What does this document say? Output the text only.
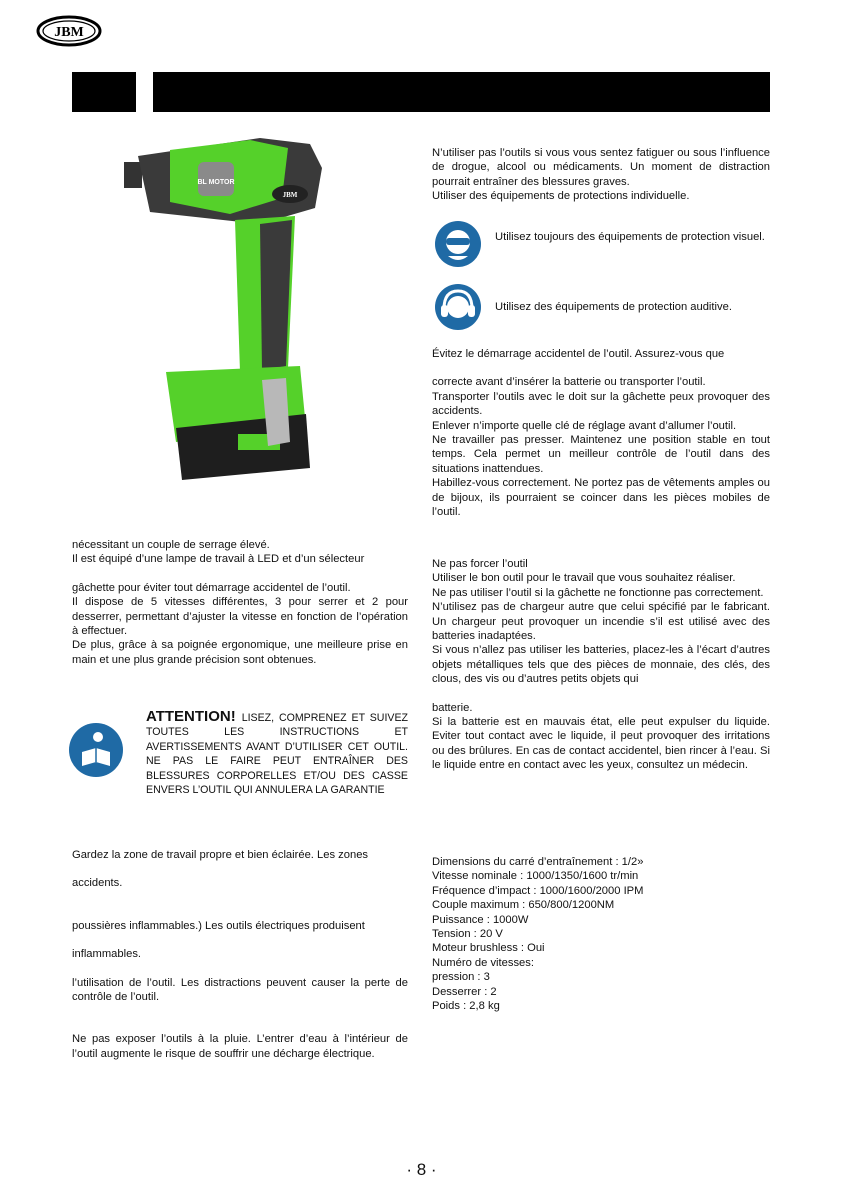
JBM
BL MOTOR
JBM

N’utiliser pas l’outils si vous vous sentez fatiguer ou sous l’influence de drogue, alcool ou médicaments. Un moment de distraction pourrait entraîner des blessures graves.

Utiliser des équipements de protections individuelle.

Utilisez toujours des équipements de protection visuel.
Utilisez des équipements de protection auditive.

Évitez le démarrage accidentel de l’outil. Assurez-vous que

correcte avant d’insérer la batterie ou transporter l’outil.

Transporter l’outils avec le doit sur la gâchette peux provoquer des accidents.

Enlever n’importe quelle clé de réglage avant d’allumer l’outil.

Ne travailler pas presser. Maintenez une position stable en tout temps. Cela permet un meilleur contrôle de l’outil dans des situations inattendues.

Habillez-vous correctement. Ne portez pas de vêtements amples ou de bijoux, ils pourraient se coincer dans les pièces mobiles de l’outil.

Ne pas forcer l’outil

Utiliser le bon outil pour le travail que vous souhaitez réaliser.

Ne pas utiliser l’outil si la gâchette ne fonctionne pas correctement.

N’utilisez pas de chargeur autre que celui spécifié par le fabricant. Un chargeur peut provoquer un incendie s’il est utilisé avec des batteries inadaptées.

Si vous n’allez pas utiliser les batteries, placez-les à l’écart d’autres objets métalliques tels que des pièces de monnaie, des clés, des clous, des vis ou d’autres petits objets qui

batterie.

Si la batterie est en mauvais état, elle peut expulser du liquide. Eviter tout contact avec le liquide, il peut provoquer des irritations ou des brûlures. En cas de contact accidentel, bien rincer à l’eau. Si le liquide entre en contact avec les yeux, consultez un médecin.

Dimensions du carré d’entraînement : 1/2»

Vitesse nominale : 1000/1350/1600 tr/min

Fréquence d’impact : 1000/1600/2000 IPM

Couple maximum : 650/800/1200NM

Puissance : 1000W

Tension : 20 V

Moteur brushless : Oui

Numéro de vitesses:

pression : 3

Desserrer : 2

Poids : 2,8 kg

nécessitant un couple de serrage élevé.

Il est équipé d’une lampe de travail à LED et d’un sélecteur

gâchette pour éviter tout démarrage accidentel de l’outil.

Il dispose de 5 vitesses différentes, 3 pour serrer et 2 pour desserrer, permettant d’ajuster la vitesse en fonction de l’opération à effectuer.

De plus, grâce à sa poignée ergonomique, une meilleure prise en main et une plus grande précision sont obtenues.

ATTENTION! LISEZ, COMPRENEZ ET SUIVEZ TOUTES LES INSTRUCTIONS ET AVERTISSEMENTS AVANT D’UTILISER CET OUTIL. NE PAS LE FAIRE PEUT ENTRAÎNER DES BLESSURES CORPORELLES ET/OU DES CASSE ENVERS L’OUTIL QUI ANNULERA LA GARANTIE

Gardez la zone de travail propre et bien éclairée. Les zones

accidents.

poussières inflammables.) Les outils électriques produisent

inflammables.

l’utilisation de l’outil. Les distractions peuvent causer la perte de contrôle de l’outil.

Ne pas exposer l’outils à la pluie. L’entrer d’eau à l’intérieur de l’outil augmente le risque de souffrir une décharge électrique.

· 8 ·
